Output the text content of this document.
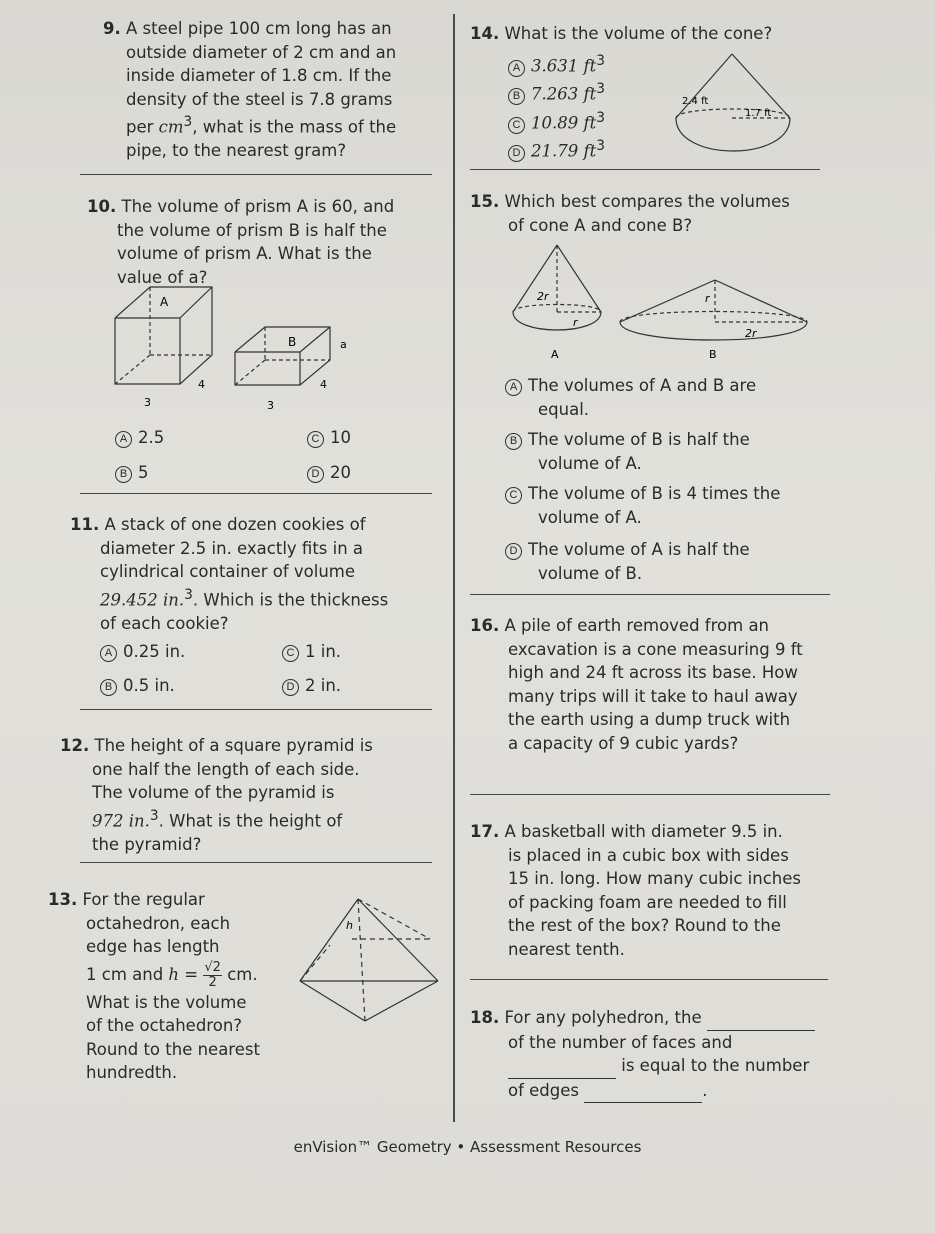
9. A steel pipe 100 cm long has an

outside diameter of 2 cm and an

inside diameter of 1.8 cm. If the

density of the steel is 7.8 grams

per $cm^3$, what is the mass of the

pipe, to the nearest gram?

10. The volume of prism A is 60, and

the volume of prism B is half the

volume of prism A. What is the

value of a?

A
4
3
B	a
4
3
A 2.5	C 10
B 5	D 20

11. A stack of one dozen cookies of

diameter 2.5 in. exactly fits in a

cylindrical container of volume

29.452 in.$^3$. Which is the thickness

of each cookie?

A 0.25 in.	C 1 in.
B 0.5 in.	D 2 in.

12. The height of a square pyramid is

one half the length of each side.

The volume of the pyramid is

972 in.$^3$. What is the height of

the pyramid?

13. For the regular

octahedron, each

edge has length

1 cm and $h = \frac{√2}{2}$ cm.

What is the volume

of the octahedron?

Round to the nearest

hundredth.

h

14. What is the volume of the cone?

A 3.631 $ft^3$
B 7.263 $ft^3$
C 10.89 $ft^3$
D 21.79 $ft^3$
2.4 ft
1.7 ft

15. Which best compares the volumes

of cone A and cone B?

2r
r
A
r
2r
B

A The volumes of A and B are

equal.

B The volume of B is half the

volume of A.

C The volume of B is 4 times the

volume of A.

D The volume of A is half the

volume of B.

16. A pile of earth removed from an

excavation is a cone measuring 9 ft

high and 24 ft across its base. How

many trips will it take to haul away

the earth using a dump truck with

a capacity of 9 cubic yards?

17. A basketball with diameter 9.5 in.

is placed in a cubic box with sides

15 in. long. How many cubic inches

of packing foam are needed to fill

the rest of the box? Round to the

nearest tenth.

18. For any polyhedron, the

of the number of faces and

is equal to the number

of edges	.

enVision™ Geometry • Assessment Resources
